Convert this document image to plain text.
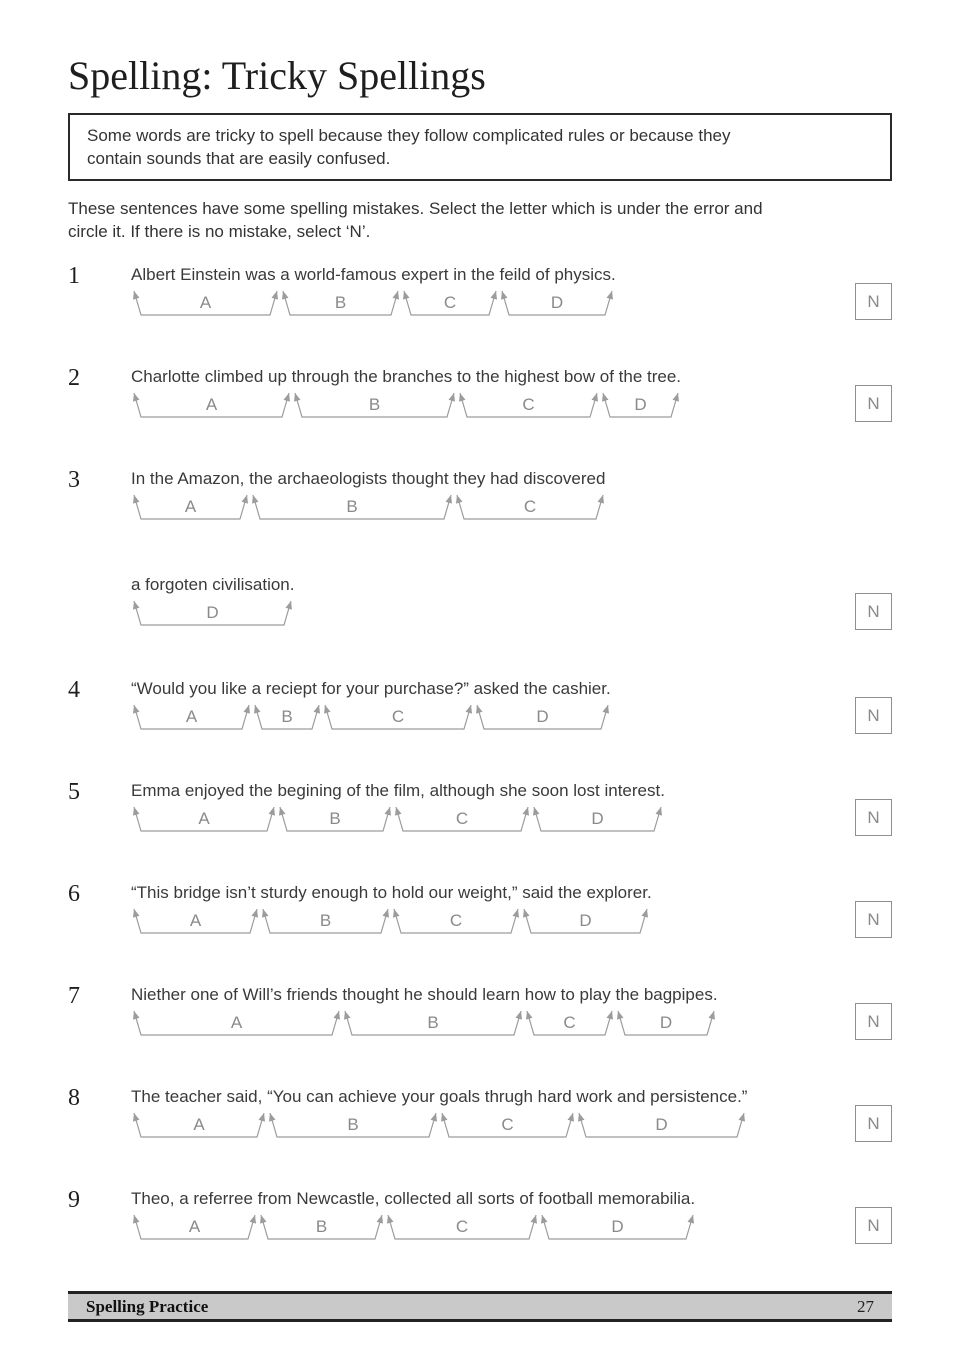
Spelling: Tricky Spellings
Some words are tricky to spell because they follow complicated rules or because they
contain sounds that are easily confused.
These sentences have some spelling mistakes. Select the letter which is under the error and
circle it. If there is no mistake, select ‘N’.
1	Albert Einstein was a world-famous expert in the feild of physics.
A	B	C	D	N
2	Charlotte climbed up through the branches to the highest bow of the tree.
A	B	C	D	N
3	In the Amazon, the archaeologists thought they had discovered
A	B	C
a forgoten civilisation.
D	N
4	“Would you like a reciept for your purchase?” asked the cashier.
A	B	C	D	N
5	Emma enjoyed the begining of the film, although she soon lost interest.
A	B	C	D	N
6	“This bridge isn’t sturdy enough to hold our weight,” said the explorer.
A	B	C	D	N
7	Niether one of Will’s friends thought he should learn how to play the bagpipes.
A	B	C	D	N
8	The teacher said, “You can achieve your goals thrugh hard work and persistence.”
A	B	C	D	N
9	Theo, a referree from Newcastle, collected all sorts of football memorabilia.
A	B	C	D	N
Spelling Practice	27
